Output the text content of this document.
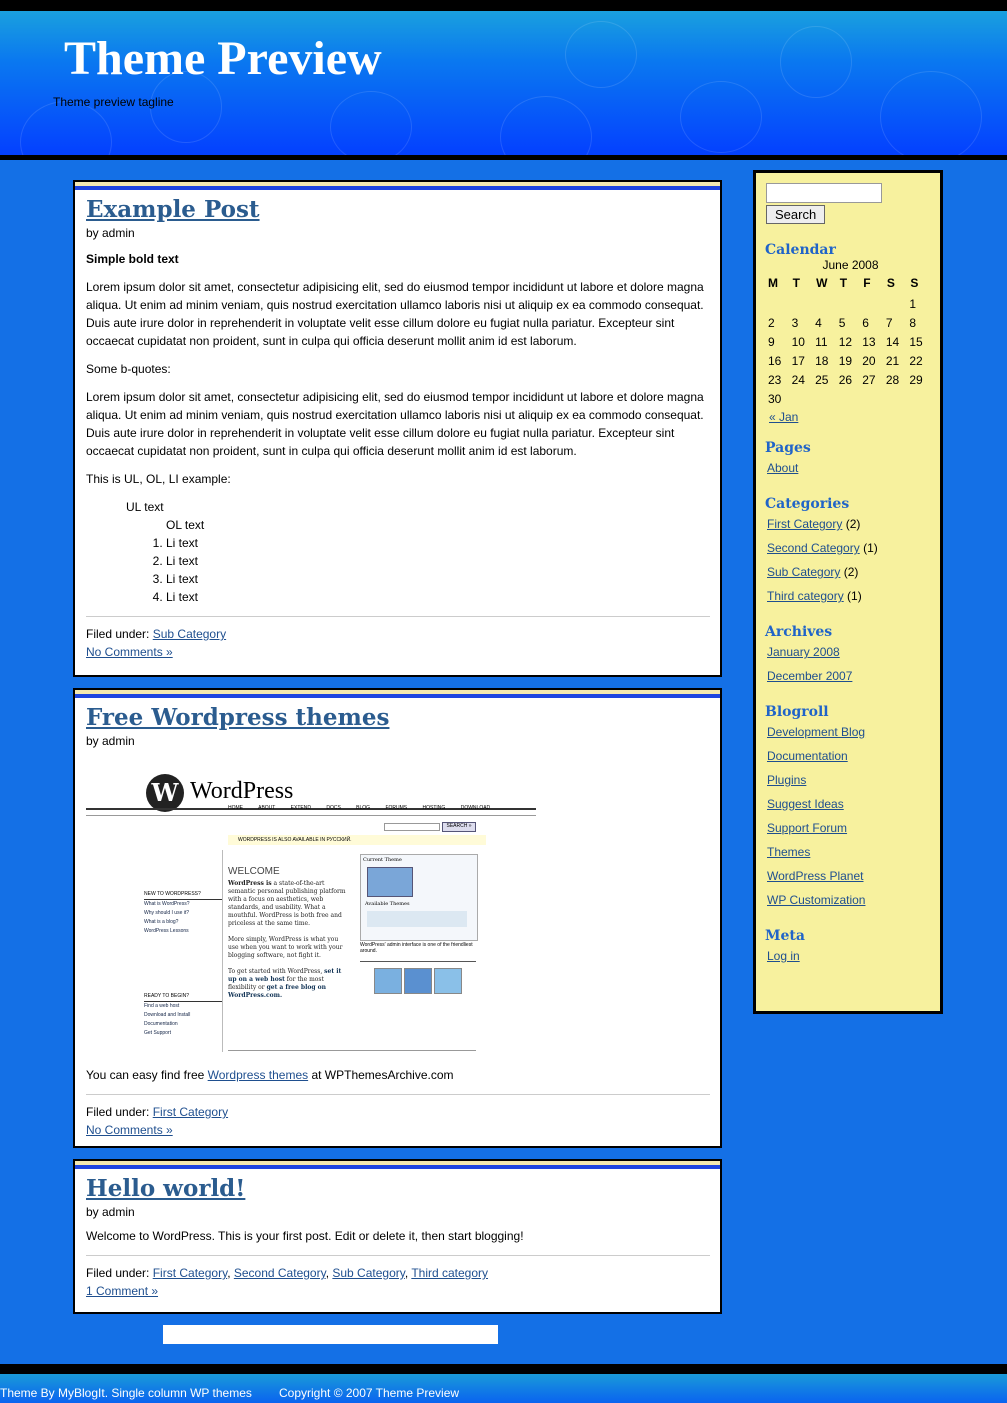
Theme Preview
Theme preview tagline
Example Post
by admin

Simple bold text

Lorem ipsum dolor sit amet, consectetur adipisicing elit, sed do eiusmod tempor incididunt ut labore et dolore magna aliqua. Ut enim ad minim veniam, quis nostrud exercitation ullamco laboris nisi ut aliquip ex ea commodo consequat. Duis aute irure dolor in reprehenderit in voluptate velit esse cillum dolore eu fugiat nulla pariatur. Excepteur sint occaecat cupidatat non proident, sunt in culpa qui officia deserunt mollit anim id est laborum.

Some b-quotes:

Lorem ipsum dolor sit amet, consectetur adipisicing elit, sed do eiusmod tempor incididunt ut labore et dolore magna aliqua. Ut enim ad minim veniam, quis nostrud exercitation ullamco laboris nisi ut aliquip ex ea commodo consequat. Duis aute irure dolor in reprehenderit in voluptate velit esse cillum dolore eu fugiat nulla pariatur. Excepteur sint occaecat cupidatat non proident, sunt in culpa qui officia deserunt mollit anim id est laborum.

This is UL, OL, LI example:

UL text
OL text
1. Li text
2. Li text
3. Li text
4. Li text
Filed under: Sub Category
No Comments »
Free Wordpress themes
by admin
W WordPress
HOME	ABOUT	EXTEND	DOCS	BLOG	FORUMS	HOSTING	DOWNLOAD
SEARCH »
WORDPRESS IS ALSO AVAILABLE IN РУССКИЙ.
WELCOME
WordPress is a state-of-the-art semantic personal publishing platform with a focus on aesthetics, web standards, and usability. What a mouthful. WordPress is both free and priceless at the same time.

More simply, WordPress is what you use when you want to work with your blogging software, not fight it.

To get started with WordPress, set it up on a web host for the most flexibility or get a free blog on WordPress.com.
NEW TO WORDPRESS?
What is WordPress?
Why should I use it?
What is a blog?
WordPress Lessons
READY TO BEGIN?
Find a web host
Download and Install
Documentation
Get Support
Current Theme
Available Themes
WordPress' admin interface is one of the friendliest around.

You can easy find free Wordpress themes at WPThemesArchive.com

Filed under: First Category
No Comments »
Hello world!
by admin

Welcome to WordPress. This is your first post. Edit or delete it, then start blogging!

Filed under: First Category, Second Category, Sub Category, Third category
1 Comment »
Search
Calendar
June 2008
M	T	W	T	F	S	S
						1
2	3	4	5	6	7	8
9	10	11	12	13	14	15
16	17	18	19	20	21	22
23	24	25	26	27	28	29
30						
« Jan
Pages
About
Categories
First Category (2)
Second Category (1)
Sub Category (2)
Third category (1)
Archives
January 2008
December 2007
Blogroll
Development Blog
Documentation
Plugins
Suggest Ideas
Support Forum
Themes
WordPress Planet
WP Customization
Meta
Log in
Theme By MyBlogIt. Single column WP themes Copyright © 2007 Theme Preview
